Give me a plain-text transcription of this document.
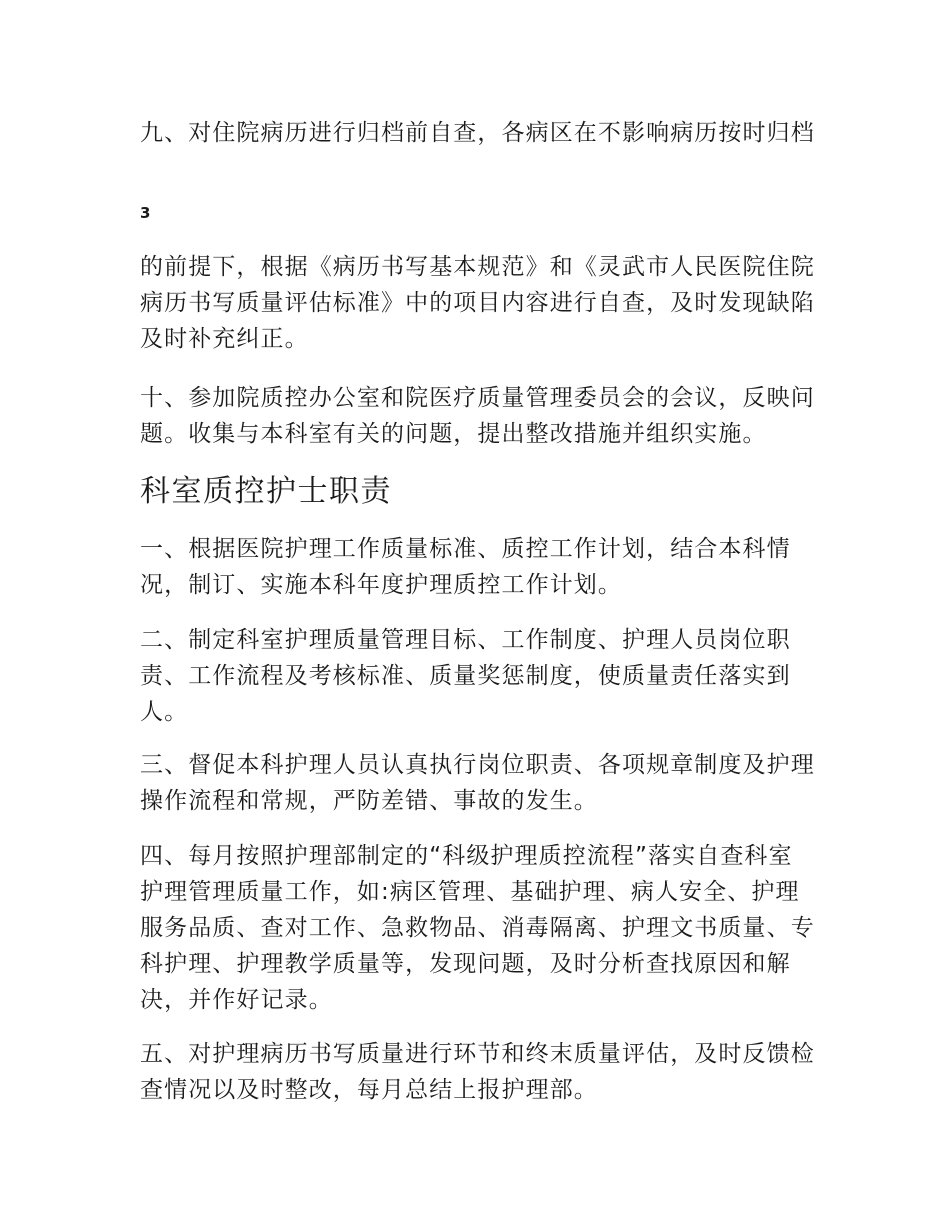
九、对住院病历进行归档前自查，各病区在不影响病历按时归档

3

的前提下，根据《病历书写基本规范》和《灵武市人民医院住院病历书写质量评估标准》中的项目内容进行自查，及时发现缺陷及时补充纠正。

十、参加院质控办公室和院医疗质量管理委员会的会议，反映问题。收集与本科室有关的问题，提出整改措施并组织实施。

科室质控护士职责

一、根据医院护理工作质量标准、质控工作计划，结合本科情况，制订、实施本科年度护理质控工作计划。

二、制定科室护理质量管理目标、工作制度、护理人员岗位职责、工作流程及考核标准、质量奖惩制度，使质量责任落实到人。

三、督促本科护理人员认真执行岗位职责、各项规章制度及护理操作流程和常规，严防差错、事故的发生。

四、每月按照护理部制定的“科级护理质控流程”落实自查科室护理管理质量工作，如:病区管理、基础护理、病人安全、护理服务品质、查对工作、急救物品、消毒隔离、护理文书质量、专科护理、护理教学质量等，发现问题，及时分析查找原因和解决，并作好记录。

五、对护理病历书写质量进行环节和终末质量评估，及时反馈检查情况以及时整改，每月总结上报护理部。
